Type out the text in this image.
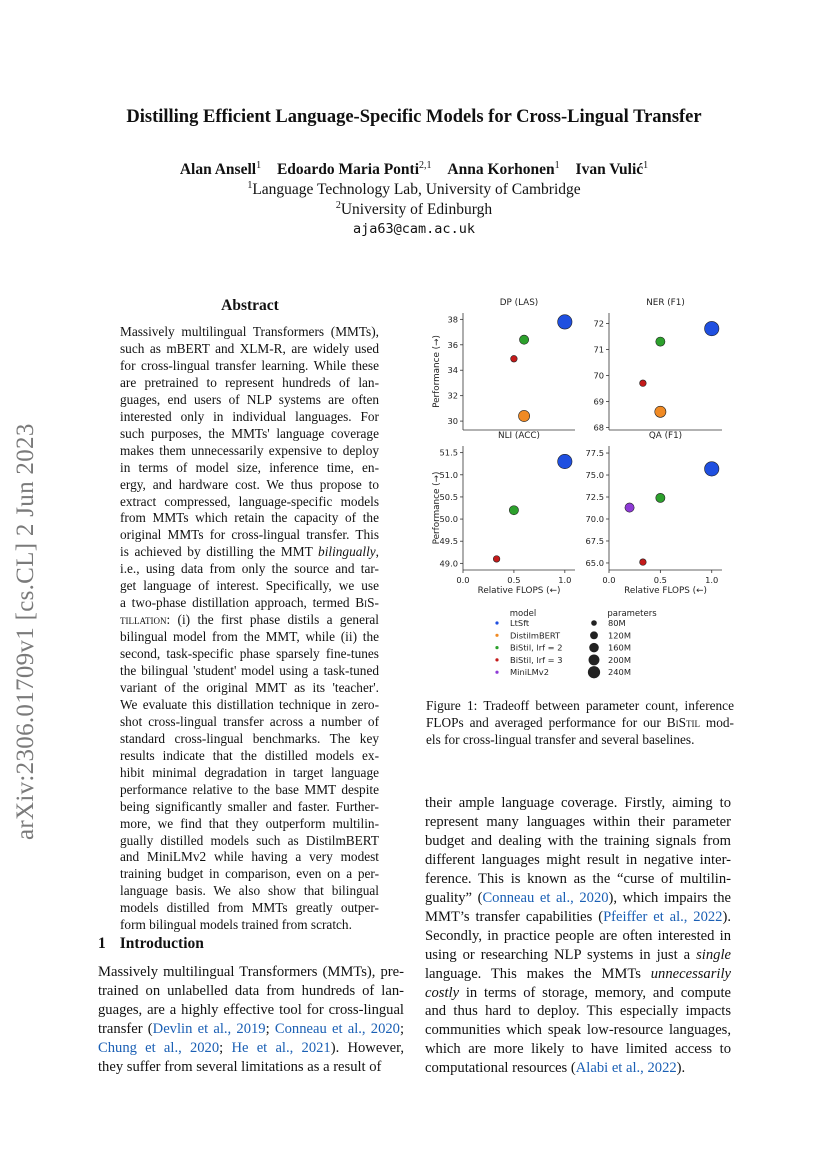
arXiv:2306.01709v1 [cs.CL] 2 Jun 2023
Distilling Efficient Language-Specific Models for Cross-Lingual Transfer
Alan Ansell$^1$ Edoardo Maria Ponti$^{2,1}$ Anna Korhonen$^1$ Ivan Vulić$^1$
$^1$Language Technology Lab, University of Cambridge
$^2$University of Edinburgh
aja63@cam.ac.uk
Abstract
Massively multilingual Transformers (MMTs),
such as mBERT and XLM-R, are widely used
for cross-lingual transfer learning. While these
are pretrained to represent hundreds of lan-
guages, end users of NLP systems are often
interested only in individual languages. For
such purposes, the MMTs' language coverage
makes them unnecessarily expensive to deploy
in terms of model size, inference time, en-
ergy, and hardware cost. We thus propose to
extract compressed, language-specific models
from MMTs which retain the capacity of the
original MMTs for cross-lingual transfer. This
is achieved by distilling the MMT bilingually,
i.e., using data from only the source and tar-
get language of interest. Specifically, we use
a two-phase distillation approach, termed BiS-
tillation: (i) the first phase distils a general
bilingual model from the MMT, while (ii) the
second, task-specific phase sparsely fine-tunes
the bilingual 'student' model using a task-tuned
variant of the original MMT as its 'teacher'.
We evaluate this distillation technique in zero-
shot cross-lingual transfer across a number of
standard cross-lingual benchmarks. The key
results indicate that the distilled models ex-
hibit minimal degradation in target language
performance relative to the base MMT despite
being significantly smaller and faster. Further-
more, we find that they outperform multilin-
gually distilled models such as DistilmBERT
and MiniLMv2 while having a very modest
training budget in comparison, even on a per-
language basis. We also show that bilingual
models distilled from MMTs greatly outper-
form bilingual models trained from scratch.
1 Introduction
Massively multilingual Transformers (MMTs), pre-
trained on unlabelled data from hundreds of lan-
guages, are a highly effective tool for cross-lingual
transfer (Devlin et al., 2019; Conneau et al., 2020;
Chung et al., 2020; He et al., 2021). However,
they suffer from several limitations as a result of
their ample language coverage. Firstly, aiming to
represent many languages within their parameter
budget and dealing with the training signals from
different languages might result in negative inter-
ference. This is known as the “curse of multilin-
guality” (Conneau et al., 2020), which impairs the
MMT’s transfer capabilities (Pfeiffer et al., 2022).
Secondly, in practice people are often interested in
using or researching NLP systems in just a single
language. This makes the MMTs unnecessarily
costly in terms of storage, memory, and compute
and thus hard to deploy. This especially impacts
communities which speak low-resource languages,
which are more likely to have limited access to
computational resources (Alabi et al., 2022).
DP (LAS)
30
32
34
36
38
Performance (→)
NER (F1)
68
69
70
71
72
NLI (ACC)
49.0
49.5
50.0
50.5
51.0
51.5
0.0	0.5	1.0
Relative FLOPS (←)
Performance (→)
QA (F1)
65.0
67.5
70.0
72.5
75.0
77.5
0.0	0.5	1.0
Relative FLOPS (←)
model
LtSft
DistilmBERT
BiStil, lrf = 2
BiStil, lrf = 3
MiniLMv2
parameters
80M
120M
160M
200M
240M
Figure 1: Tradeoff between parameter count, inference
FLOPs and averaged performance for our BiStil mod-
els for cross-lingual transfer and several baselines.
